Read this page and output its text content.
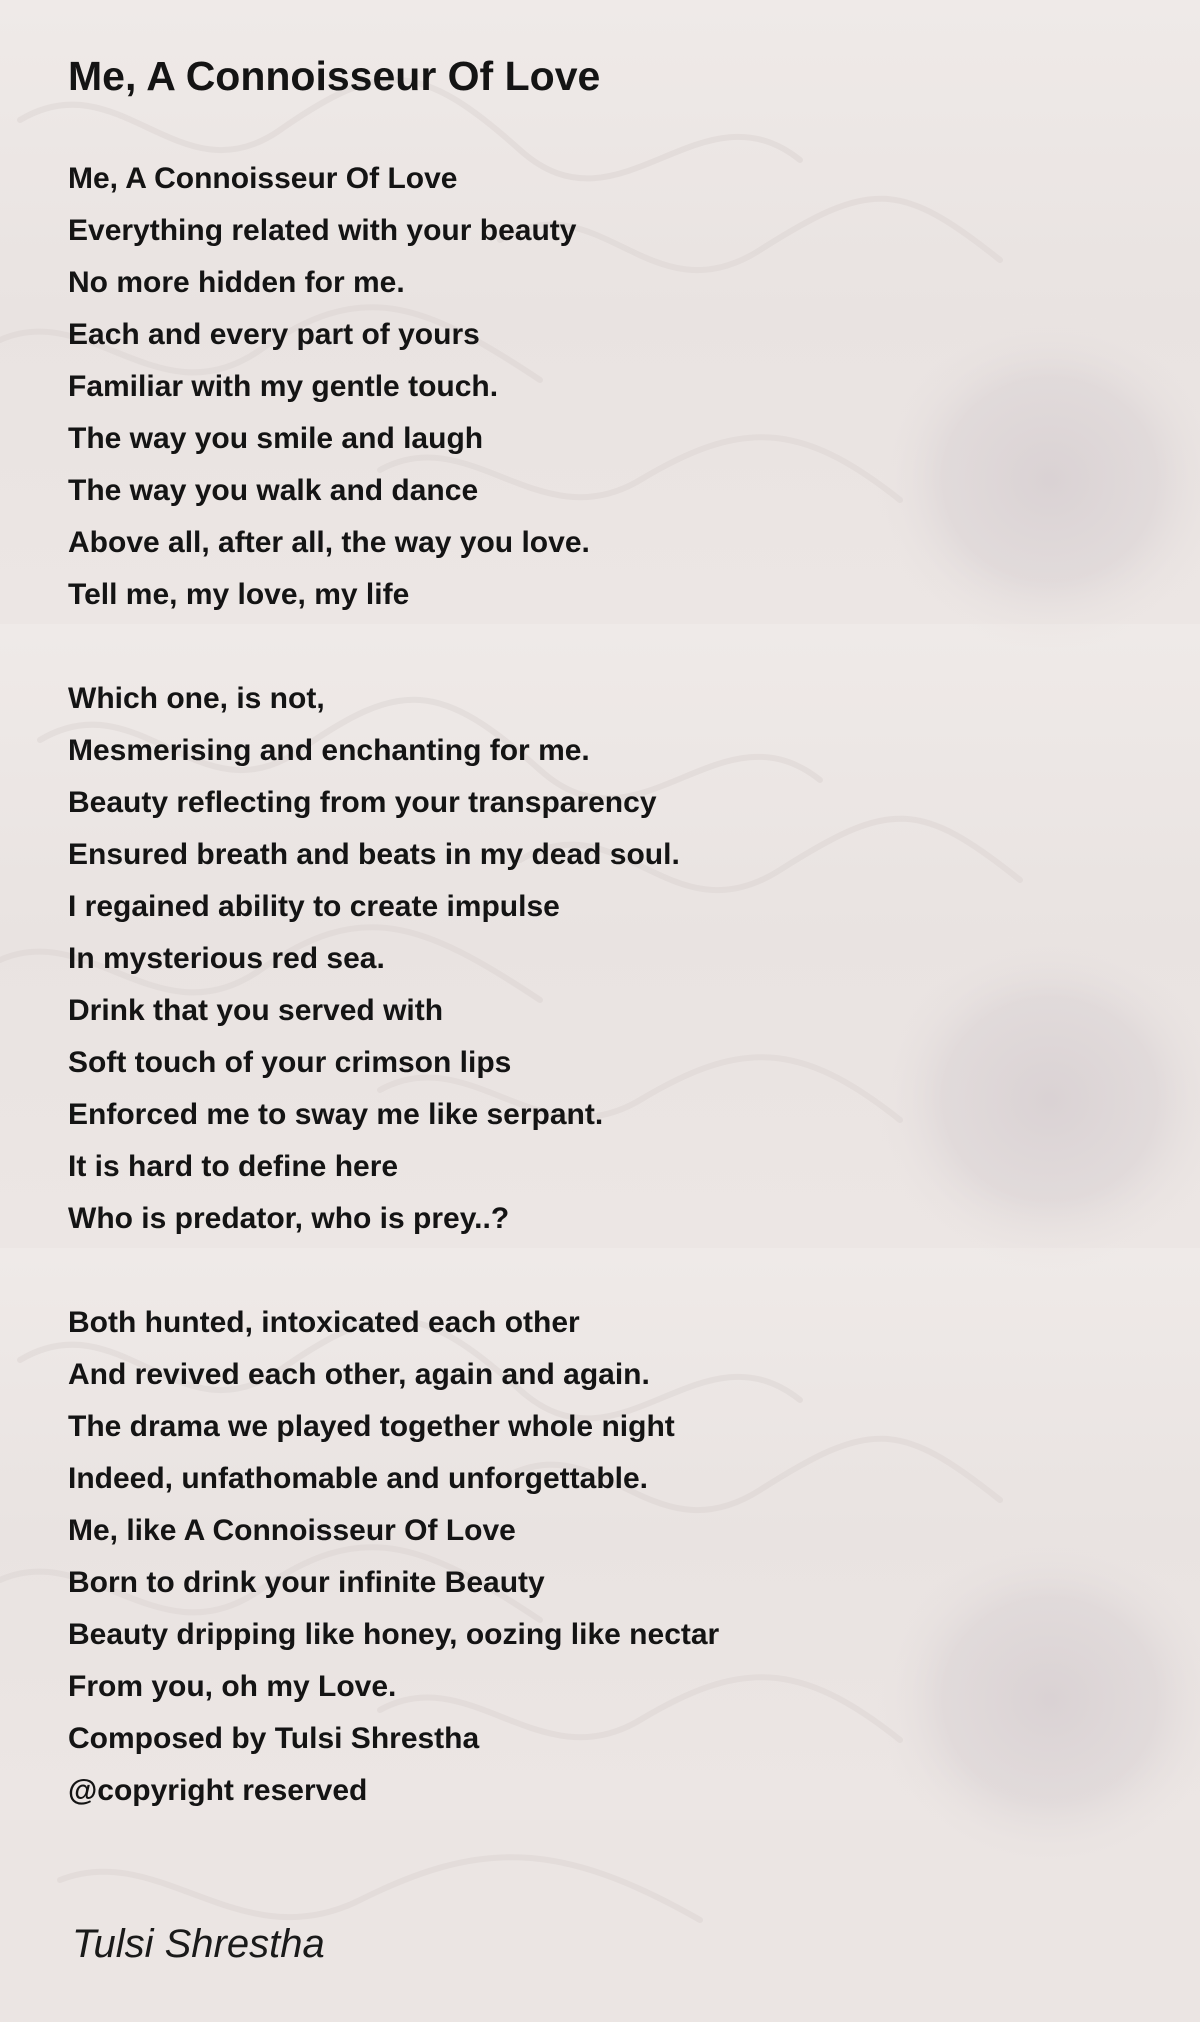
Me, A Connoisseur Of Love
Me, A Connoisseur Of Love
Everything related with your beauty
No more hidden for me.
Each and every part of yours
Familiar with my gentle touch.
The way you smile and laugh
The way you walk and dance
Above all, after all, the way you love.
Tell me, my love, my life
Which one, is not,
Mesmerising and enchanting for me.
Beauty reflecting from your transparency
Ensured breath and beats in my dead soul.
I regained ability to create impulse
In mysterious red sea.
Drink that you served with
Soft touch of your crimson lips
Enforced me to sway me like serpant.
It is hard to define here
Who is predator, who is prey..?
Both hunted, intoxicated each other
And revived each other, again and again.
The drama we played together whole night
Indeed, unfathomable and unforgettable.
Me, like A Connoisseur Of Love
Born to drink your infinite Beauty
Beauty dripping like honey, oozing like nectar
From you, oh my Love.
Composed by Tulsi Shrestha
@copyright reserved
Tulsi Shrestha
